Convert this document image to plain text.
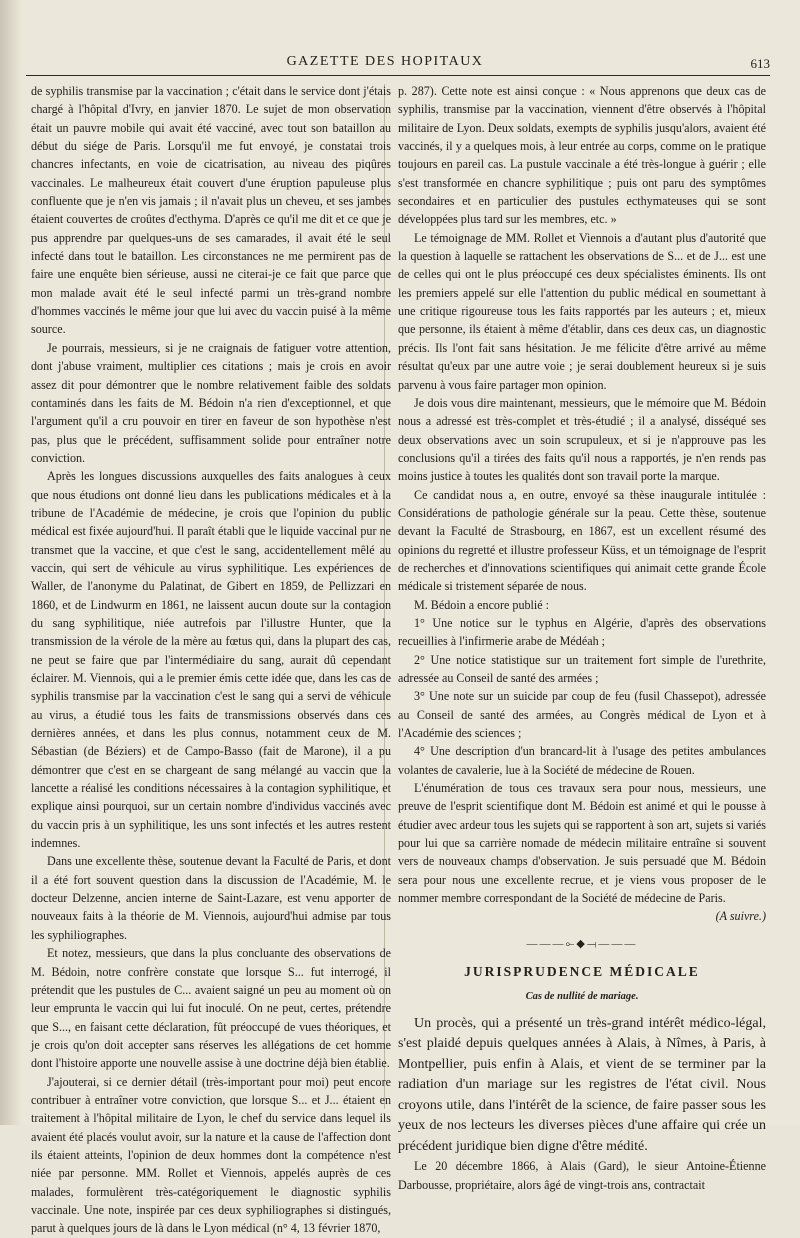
GAZETTE DES HOPITAUX	613

de syphilis transmise par la vaccination ; c'était dans le service dont j'étais chargé à l'hôpital d'Ivry, en janvier 1870. Le sujet de mon observation était un pauvre mobile qui avait été vacciné, avec tout son bataillon au début du siége de Paris. Lorsqu'il me fut envoyé, je constatai trois chancres infectants, en voie de cicatrisation, au niveau des piqûres vaccinales. Le malheureux était couvert d'une éruption papuleuse plus confluente que je n'en vis jamais ; il n'avait plus un cheveu, et ses jambes étaient couvertes de croûtes d'ecthyma. D'après ce qu'il me dit et ce que je pus apprendre par quelques-uns de ses camarades, il avait été le seul infecté dans tout le bataillon. Les circonstances ne me permirent pas de faire une enquête bien sérieuse, aussi ne citerai-je ce fait que parce que mon malade avait été le seul infecté parmi un très-grand nombre d'hommes vaccinés le même jour que lui avec du vaccin puisé à la même source.

Je pourrais, messieurs, si je ne craignais de fatiguer votre attention, dont j'abuse vraiment, multiplier ces citations ; mais je crois en avoir assez dit pour démontrer que le nombre relativement faible des soldats contaminés dans les faits de M. Bédoin n'a rien d'exceptionnel, et que l'argument qu'il a cru pouvoir en tirer en faveur de son hypothèse n'est pas, plus que le précédent, suffisamment solide pour entraîner notre conviction.

Après les longues discussions auxquelles des faits analogues à ceux que nous étudions ont donné lieu dans les publications médicales et à la tribune de l'Académie de médecine, je crois que l'opinion du public médical est fixée aujourd'hui. Il paraît établi que le liquide vaccinal pur ne transmet que la vaccine, et que c'est le sang, accidentellement mêlé au vaccin, qui sert de véhicule au virus syphilitique. Les expériences de Waller, de l'anonyme du Palatinat, de Gibert en 1859, de Pellizzari en 1860, et de Lindwurm en 1861, ne laissent aucun doute sur la contagion du sang syphilitique, niée autrefois par l'illustre Hunter, que la transmission de la vérole de la mère au fœtus qui, dans la plupart des cas, ne peut se faire que par l'intermédiaire du sang, aurait dû cependant éclairer. M. Viennois, qui a le premier émis cette idée que, dans les cas de syphilis transmise par la vaccination c'est le sang qui a servi de véhicule au virus, a étudié tous les faits de transmissions observés dans ces dernières années, et dans les plus connus, notamment ceux de M. Sébastian (de Béziers) et de Campo-Basso (fait de Marone), il a pu démontrer que c'est en se chargeant de sang mélangé au vaccin que la lancette a réalisé les conditions nécessaires à la contagion syphilitique, et explique ainsi pourquoi, sur un certain nombre d'individus vaccinés avec du vaccin pris à un syphilitique, les uns sont infectés et les autres restent indemnes.

Dans une excellente thèse, soutenue devant la Faculté de Paris, et dont il a été fort souvent question dans la discussion de l'Académie, M. le docteur Delzenne, ancien interne de Saint-Lazare, est venu apporter de nouveaux faits à la théorie de M. Viennois, aujourd'hui admise par tous les syphiliographes.

Et notez, messieurs, que dans la plus concluante des observations de M. Bédoin, notre confrère constate que lorsque S... fut interrogé, il prétendit que les pustules de C... avaient saigné un peu au moment où on leur emprunta le vaccin qui lui fut inoculé. On ne peut, certes, prétendre que S..., en faisant cette déclaration, fût préoccupé de vues théoriques, et je crois qu'on doit accepter sans réserves les allégations de cet homme dont l'histoire apporte une nouvelle assise à une doctrine déjà bien établie.

J'ajouterai, si ce dernier détail (très-important pour moi) peut encore contribuer à entraîner votre conviction, que lorsque S... et J... étaient en traitement à l'hôpital militaire de Lyon, le chef du service dans lequel ils avaient été placés voulut avoir, sur la nature et la cause de l'affection dont ils étaient atteints, l'opinion de deux hommes dont la compétence n'est niée par personne. MM. Rollet et Viennois, appelés auprès de ces malades, formulèrent très-catégoriquement le diagnostic syphilis vaccinale. Une note, inspirée par ces deux syphiliographes si distingués, parut à quelques jours de là dans le Lyon médical (n° 4, 13 février 1870,

p. 287). Cette note est ainsi conçue : « Nous apprenons que deux cas de syphilis, transmise par la vaccination, viennent d'être observés à l'hôpital militaire de Lyon. Deux soldats, exempts de syphilis jusqu'alors, avaient été vaccinés, il y a quelques mois, à leur entrée au corps, comme on le pratique toujours en pareil cas. La pustule vaccinale a été très-longue à guérir ; elle s'est transformée en chancre syphilitique ; puis ont paru des symptômes secondaires et en particulier des pustules ecthymateuses qui se sont développées plus tard sur les membres, etc. »

Le témoignage de MM. Rollet et Viennois a d'autant plus d'autorité que la question à laquelle se rattachent les observations de S... et de J... est une de celles qui ont le plus préoccupé ces deux spécialistes éminents. Ils ont les premiers appelé sur elle l'attention du public médical en soumettant à une critique rigoureuse tous les faits rapportés par les auteurs ; et, mieux que personne, ils étaient à même d'établir, dans ces deux cas, un diagnostic précis. Ils l'ont fait sans hésitation. Je me félicite d'être arrivé au même résultat qu'eux par une autre voie ; je serai doublement heureux si je suis parvenu à vous faire partager mon opinion.

Je dois vous dire maintenant, messieurs, que le mémoire que M. Bédoin nous a adressé est très-complet et très-étudié ; il a analysé, disséqué ses deux observations avec un soin scrupuleux, et si je n'approuve pas les conclusions qu'il a tirées des faits qu'il nous a rapportés, je n'en rends pas moins justice à toutes les qualités dont son travail porte la marque.

Ce candidat nous a, en outre, envoyé sa thèse inaugurale intitulée : Considérations de pathologie générale sur la peau. Cette thèse, soutenue devant la Faculté de Strasbourg, en 1867, est un excellent résumé des opinions du regretté et illustre professeur Küss, et un témoignage de l'esprit de recherches et d'innovations scientifiques qui animait cette grande École médicale si tristement séparée de nous.

M. Bédoin a encore publié :

1° Une notice sur le typhus en Algérie, d'après des observations recueillies à l'infirmerie arabe de Médéah ;

2° Une notice statistique sur un traitement fort simple de l'urethrite, adressée au Conseil de santé des armées ;

3° Une note sur un suicide par coup de feu (fusil Chassepot), adressée au Conseil de santé des armées, au Congrès médical de Lyon et à l'Académie des sciences ;

4° Une description d'un brancard-lit à l'usage des petites ambulances volantes de cavalerie, lue à la Société de médecine de Rouen.

L'énumération de tous ces travaux sera pour nous, messieurs, une preuve de l'esprit scientifique dont M. Bédoin est animé et qui le pousse à étudier avec ardeur tous les sujets qui se rapportent à son art, sujets si variés pour lui que sa carrière nomade de médecin militaire entraîne si souvent vers de nouveaux champs d'observation. Je suis persuadé que M. Bédoin sera pour nous une excellente recrue, et je viens vous proposer de le nommer membre correspondant de la Société de médecine de Paris.

(A suivre.)

———⟜◆⟞———
JURISPRUDENCE MÉDICALE
Cas de nullité de mariage.

Un procès, qui a présenté un très-grand intérêt médico-légal, s'est plaidé depuis quelques années à Alais, à Nîmes, à Paris, à Montpellier, puis enfin à Alais, et vient de se terminer par la radiation d'un mariage sur les registres de l'état civil. Nous croyons utile, dans l'intérêt de la science, de faire passer sous les yeux de nos lecteurs les diverses pièces d'une affaire qui crée un précédent juridique bien digne d'être médité.

Le 20 décembre 1866, à Alais (Gard), le sieur Antoine-Étienne Darbousse, propriétaire, alors âgé de vingt-trois ans, contractait
